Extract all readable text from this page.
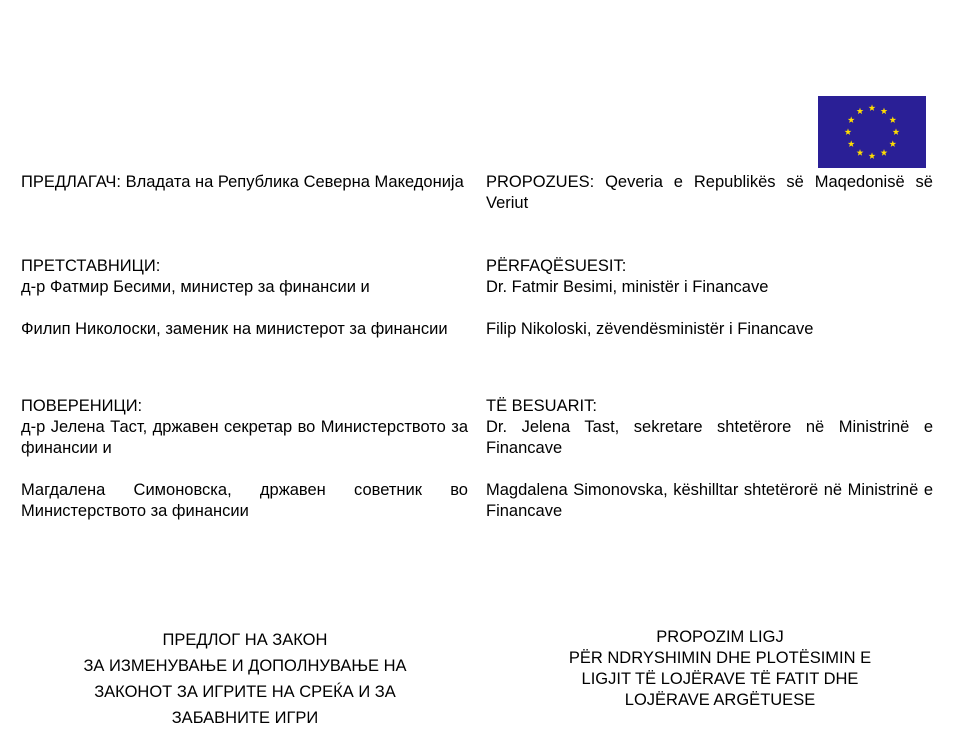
ПРЕДЛАГАЧ: Владата на Република Северна Македонија
ПРЕТСТАВНИЦИ:
д-р Фатмир Бесими, министер за финансии и
Филип Николоски, заменик на министерот за финансии
ПОВЕРЕНИЦИ:
д-р Јелена Таст, државен секретар во Министерството за финансии и
Магдалена Симоновска, државен советник во Министерството за финансии
PROPOZUES: Qeveria e Republikës së Maqedonisë së Veriut
PËRFAQËSUESIT:
Dr. Fatmir Besimi, ministër i Financave
Filip Nikoloski, zëvendësministër i Financave
TË BESUARIT:
Dr. Jelena Tast, sekretare shtetërore në Ministrinë e Financave
Magdalena Simonovska, këshilltar shtetërorë në Ministrinë e Financave
ПРЕДЛОГ НА ЗАКОН
ЗА ИЗМЕНУВАЊЕ И ДОПОЛНУВАЊЕ НА
ЗАКОНОТ ЗА ИГРИТЕ НА СРЕЌА И ЗА
ЗАБАВНИТЕ ИГРИ
PROPOZIM LIGJ
PËR NDRYSHIMIN DHE PLOTËSIMIN E
LIGJIT TË LOJËRAVE TË FATIT DHE
LOJËRAVE ARGËTUESE
